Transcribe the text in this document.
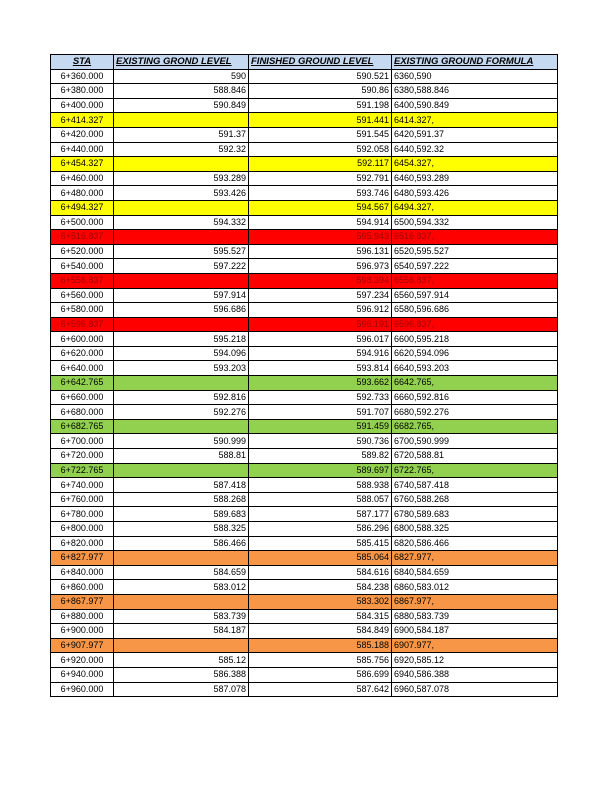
STA	EXISTING GROND LEVEL	FINISHED GROUND LEVEL	EXISTING GROUND FORMULA
6+360.000	590	590.521	6360,590
6+380.000	588.846	590.86	6380,588.846
6+400.000	590.849	591.198	6400,590.849
6+414.327		591.441	6414.327,
6+420.000	591.37	591.545	6420,591.37
6+440.000	592.32	592.058	6440,592.32
6+454.327		592.117	6454.327,
6+460.000	593.289	592.791	6460,593.289
6+480.000	593.426	593.746	6480,593.426
6+494.327		594.567	6494.327,
6+500.000	594.332	594.914	6500,594.332
6+516.837		595.943	6516.837,
6+520.000	595.527	596.131	6520,595.527
6+540.000	597.222	596.973	6540,597.222
6+556.837		598.394	6556.837,
6+560.000	597.914	597.234	6560,597.914
6+580.000	596.686	596.912	6580,596.686
6+596.837		596.191	6596.837,
6+600.000	595.218	596.017	6600,595.218
6+620.000	594.096	594.916	6620,594.096
6+640.000	593.203	593.814	6640,593.203
6+642.765		593.662	6642.765,
6+660.000	592.816	592.733	6660,592.816
6+680.000	592.276	591.707	6680,592.276
6+682.765		591.459	6682.765,
6+700.000	590.999	590.736	6700,590.999
6+720.000	588.81	589.82	6720,588.81
6+722.765		589.697	6722.765,
6+740.000	587.418	588.938	6740,587.418
6+760.000	588.268	588.057	6760,588.268
6+780.000	589.683	587.177	6780,589.683
6+800.000	588.325	586.296	6800,588.325
6+820.000	586.466	585.415	6820,586.466
6+827.977		585.064	6827.977,
6+840.000	584.659	584.616	6840,584.659
6+860.000	583.012	584.238	6860,583.012
6+867.977		583.302	6867.977,
6+880.000	583.739	584.315	6880,583.739
6+900.000	584.187	584.849	6900,584.187
6+907.977		585.188	6907.977,
6+920.000	585.12	585.756	6920,585.12
6+940.000	586.388	586.699	6940,586.388
6+960.000	587.078	587.642	6960,587.078
